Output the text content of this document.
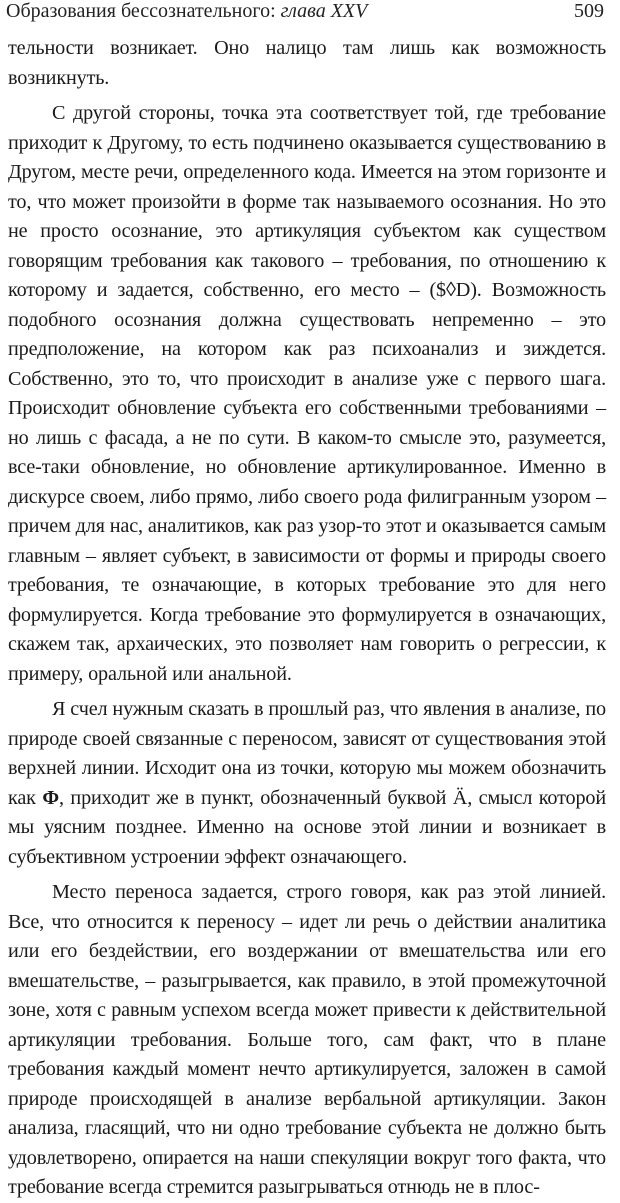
Образования бессознательного: глава XXV	509

тельности возникает. Оно налицо там лишь как возможность возникнуть.

С другой стороны, точка эта соответствует той, где требование приходит к Другому, то есть подчинено оказывается существованию в Другом, месте речи, определенного кода. Имеется на этом горизонте и то, что может произойти в форме так называемого осознания. Но это не просто осознание, это артикуляция субъектом как существом говорящим требования как такового – требования, по отношению к которому и задается, собственно, его место – ($◊D). Возможность подобного осознания должна существовать непременно – это предположение, на котором как раз психоанализ и зиждется. Собственно, это то, что происходит в анализе уже с первого шага. Происходит обновление субъекта его собственными требованиями – но лишь с фасада, а не по сути. В каком-то смысле это, разумеется, все-таки обновление, но обновление артикулированное. Именно в дискурсе своем, либо прямо, либо своего рода филигранным узором – причем для нас, аналитиков, как раз узор-то этот и оказывается самым главным – являет субъект, в зависимости от формы и природы своего требования, те означающие, в которых требование это для него формулируется. Когда требование это формулируется в означающих, скажем так, архаических, это позволяет нам говорить о регрессии, к примеру, оральной или анальной.

Я счел нужным сказать в прошлый раз, что явления в анализе, по природе своей связанные с переносом, зависят от существования этой верхней линии. Исходит она из точки, которую мы можем обозначить как Φ, приходит же в пункт, обозначенный буквой Ä, смысл которой мы уясним позднее. Именно на основе этой линии и возникает в субъективном устроении эффект означающего.

Место переноса задается, строго говоря, как раз этой линией. Все, что относится к переносу – идет ли речь о действии аналитика или его бездействии, его воздержании от вмешательства или его вмешательстве, – разыгрывается, как правило, в этой промежуточной зоне, хотя с равным успехом всегда может привести к действительной артикуляции требования. Больше того, сам факт, что в плане требования каждый момент нечто артикулируется, заложен в самой природе происходящей в анализе вербальной артикуляции. Закон анализа, гласящий, что ни одно требование субъекта не должно быть удовлетворено, опирается на наши спекуляции вокруг того факта, что требование всегда стремится разыгрываться отнюдь не в плос-
